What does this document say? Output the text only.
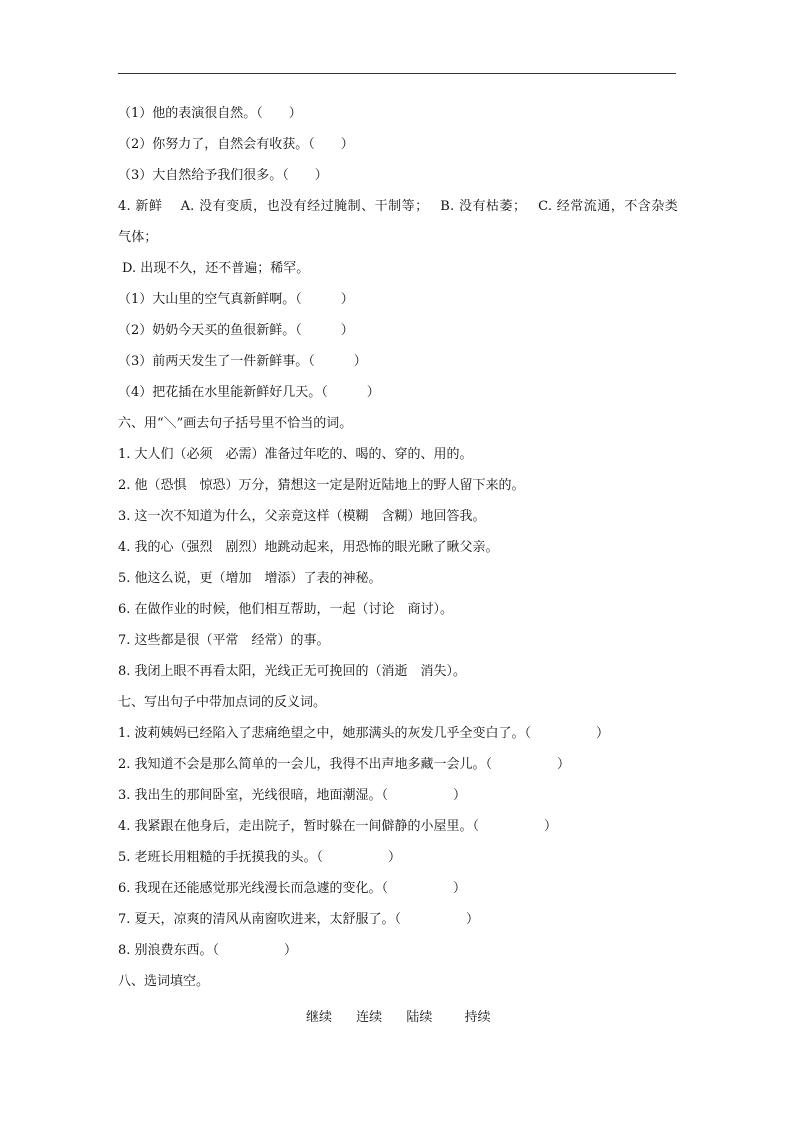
（1）他的表演很自然。（　　）
（2）你努力了，自然会有收获。（　　）
（3）大自然给予我们很多。（　　）
4. 新鲜　 A. 没有变质，也没有经过腌制、干制等；　 B. 没有枯萎；　 C. 经常流通，不含杂类气体；
D. 出现不久，还不普遍；稀罕。
（1）大山里的空气真新鲜啊。（　　　）
（2）奶奶今天买的鱼很新鲜。（　　　）
（3）前两天发生了一件新鲜事。（　　　）
（4）把花插在水里能新鲜好几天。（　　　）
六、用“＼”画去句子括号里不恰当的词。
1. 大人们（必须　必需）准备过年吃的、喝的、穿的、用的。
2. 他（恐惧　惊恐）万分，猜想这一定是附近陆地上的野人留下来的。
3. 这一次不知道为什么，父亲竟这样（模糊　含糊）地回答我。
4. 我的心（强烈　剧烈）地跳动起来，用恐怖的眼光瞅了瞅父亲。
5. 他这么说，更（增加　增添）了表的神秘。
6. 在做作业的时候，他们相互帮助，一起（讨论　商讨）。
7. 这些都是很（平常　经常）的事。
8. 我闭上眼不再看太阳，光线正无可挽回的（消逝　消失）。
七、写出句子中带加点词的反义词。
1. 波莉姨妈已经陷入了悲痛绝望之中，她那满头的灰发几乎全变白了。（　　　　　）
2. 我知道不会是那么简单的一会儿，我得不出声地多藏一会儿。（　　　　　）
3. 我出生的那间卧室，光线很暗，地面潮湿。（　　　　　）
4. 我紧跟在他身后，走出院子，暂时躲在一间僻静的小屋里。（　　　　　）
5. 老班长用粗糙的手抚摸我的头。（　　　　　）
6. 我现在还能感觉那光线漫长而急遽的变化。（　　　　　）
7. 夏天，凉爽的清风从南窗吹进来，太舒服了。（　　　　　）
8. 别浪费东西。（　　　　　）
八、选词填空。
继续 连续 陆续 持续
